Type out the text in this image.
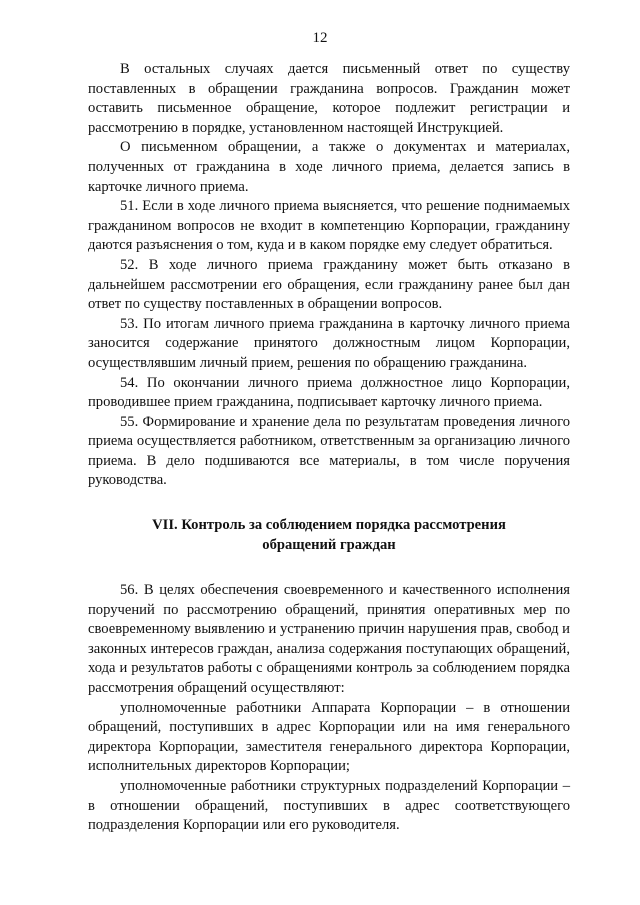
12

В остальных случаях дается письменный ответ по существу поставленных в обращении гражданина вопросов. Гражданин может оставить письменное обращение, которое подлежит регистрации и рассмотрению в порядке, установленном настоящей Инструкцией.

О письменном обращении, а также о документах и материалах, полученных от гражданина в ходе личного приема, делается запись в карточке личного приема.

51. Если в ходе личного приема выясняется, что решение поднимаемых гражданином вопросов не входит в компетенцию Корпорации, гражданину даются разъяснения о том, куда и в каком порядке ему следует обратиться.

52. В ходе личного приема гражданину может быть отказано в дальнейшем рассмотрении его обращения, если гражданину ранее был дан ответ по существу поставленных в обращении вопросов.

53. По итогам личного приема гражданина в карточку личного приема заносится содержание принятого должностным лицом Корпорации, осуществлявшим личный прием, решения по обращению гражданина.

54. По окончании личного приема должностное лицо Корпорации, проводившее прием гражданина, подписывает карточку личного приема.

55. Формирование и хранение дела по результатам проведения личного приема осуществляется работником, ответственным за организацию личного приема. В дело подшиваются все материалы, в том числе поручения руководства.

VII. Контроль за соблюдением порядка рассмотрения
обращений граждан

56. В целях обеспечения своевременного и качественного исполнения поручений по рассмотрению обращений, принятия оперативных мер по своевременному выявлению и устранению причин нарушения прав, свобод и законных интересов граждан, анализа содержания поступающих обращений, хода и результатов работы с обращениями контроль за соблюдением порядка рассмотрения обращений осуществляют:

уполномоченные работники Аппарата Корпорации – в отношении обращений, поступивших в адрес Корпорации или на имя генерального директора Корпорации, заместителя генерального директора Корпорации, исполнительных директоров Корпорации;

уполномоченные работники структурных подразделений Корпорации – в отношении обращений, поступивших в адрес соответствующего подразделения Корпорации или его руководителя.
